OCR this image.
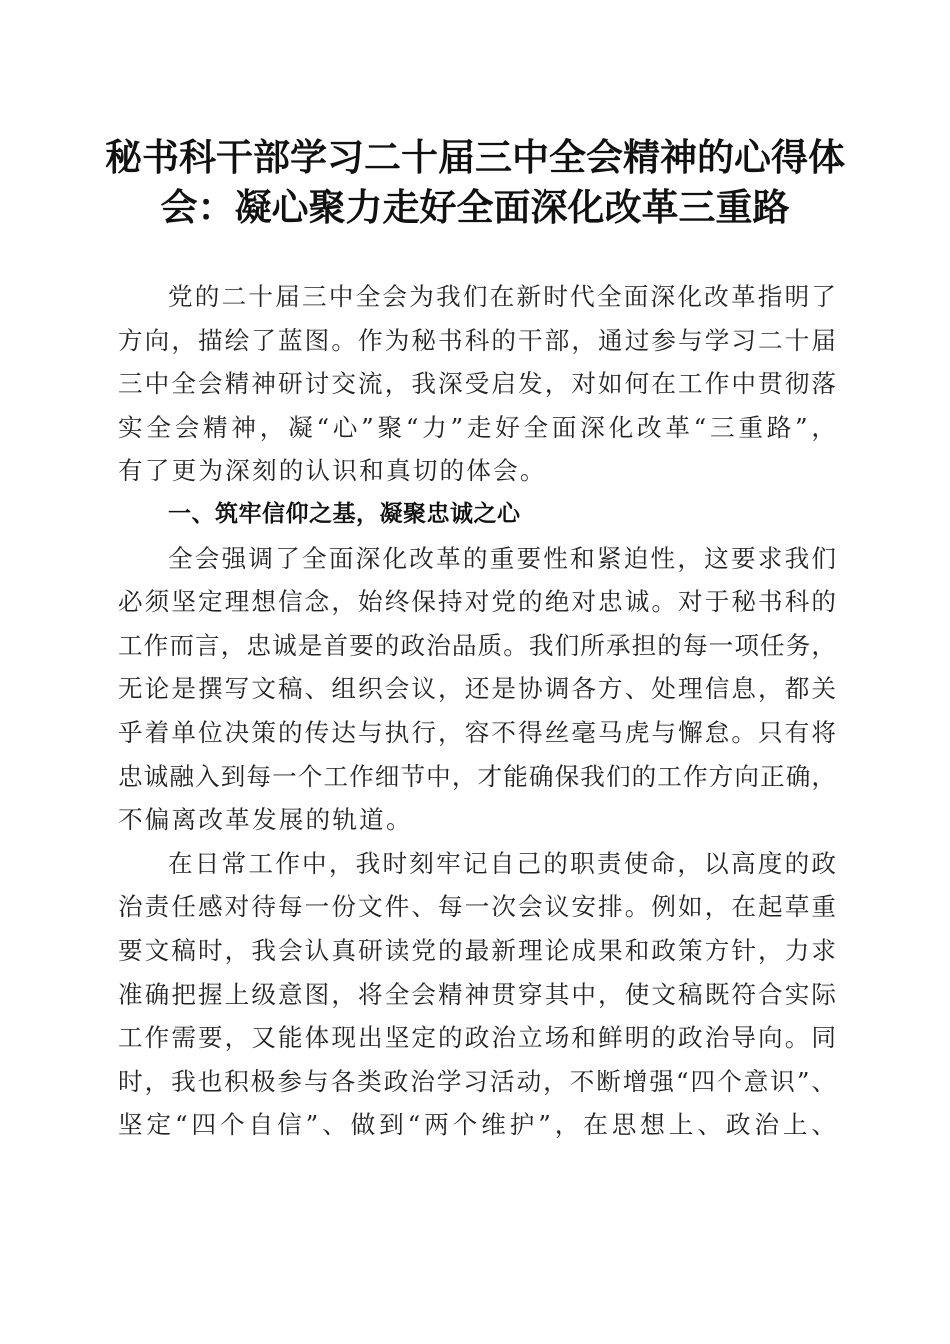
秘书科干部学习二十届三中全会精神的心得体
会：凝心聚力走好全面深化改革三重路
党的二十届三中全会为我们在新时代全面深化改革指明了
方向，描绘了蓝图。作为秘书科的干部，通过参与学习二十届
三中全会精神研讨交流，我深受启发，对如何在工作中贯彻落
实全会精神，凝“心”聚“力”走好全面深化改革“三重路”，
有了更为深刻的认识和真切的体会。
一、筑牢信仰之基，凝聚忠诚之心
全会强调了全面深化改革的重要性和紧迫性，这要求我们
必须坚定理想信念，始终保持对党的绝对忠诚。对于秘书科的
工作而言，忠诚是首要的政治品质。我们所承担的每一项任务，
无论是撰写文稿、组织会议，还是协调各方、处理信息，都关
乎着单位决策的传达与执行，容不得丝毫马虎与懈怠。只有将
忠诚融入到每一个工作细节中，才能确保我们的工作方向正确，
不偏离改革发展的轨道。
在日常工作中，我时刻牢记自己的职责使命，以高度的政
治责任感对待每一份文件、每一次会议安排。例如，在起草重
要文稿时，我会认真研读党的最新理论成果和政策方针，力求
准确把握上级意图，将全会精神贯穿其中，使文稿既符合实际
工作需要，又能体现出坚定的政治立场和鲜明的政治导向。同
时，我也积极参与各类政治学习活动，不断增强“四个意识”、
坚定“四个自信”、做到“两个维护”，在思想上、政治上、
